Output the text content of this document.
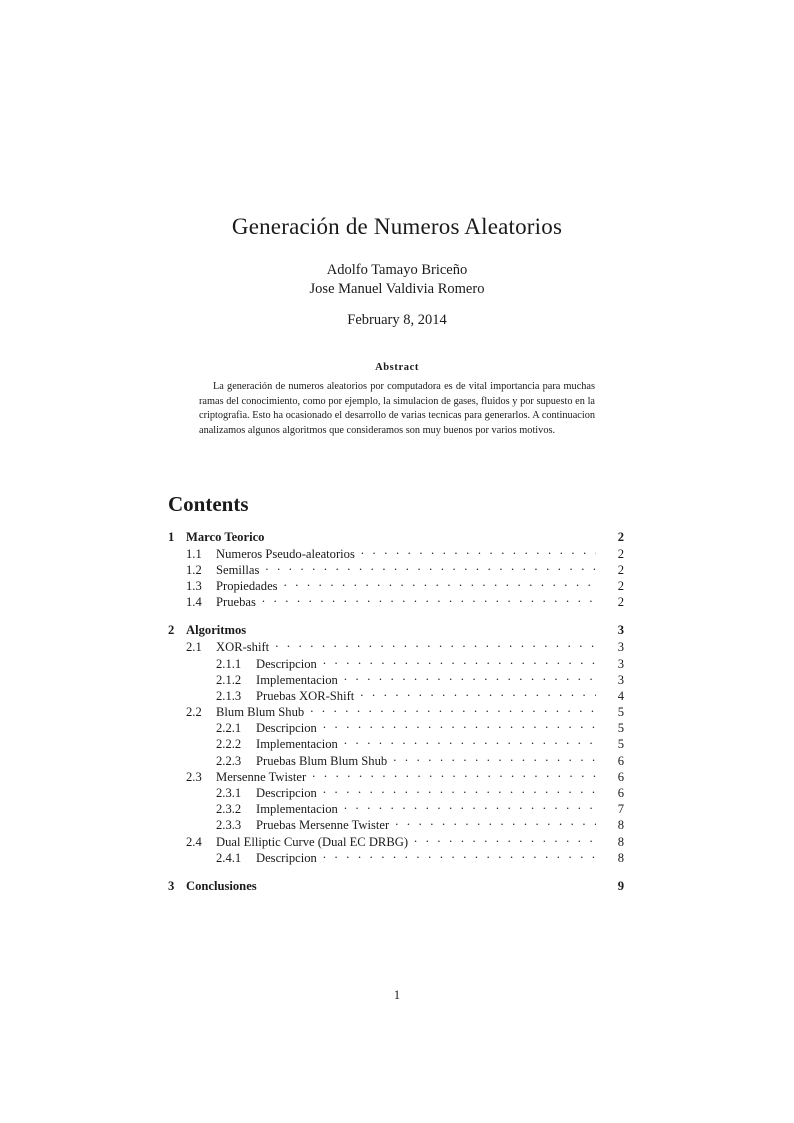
Generación de Numeros Aleatorios
Adolfo Tamayo Briceño
Jose Manuel Valdivia Romero
February 8, 2014
Abstract

La generación de numeros aleatorios por computadora es de vital importancia para muchas ramas del conocimiento, como por ejemplo, la simulacion de gases, fluidos y por supuesto en la criptografia. Esto ha ocasionado el desarrollo de varias tecnicas para generarlos. A continuacion analizamos algunos algoritmos que consideramos son muy buenos por varios motivos.

Contents
1 Marco Teorico	2
1.1	Numeros Pseudo-aleatorios . . .	2
1.2	Semillas . . .	2
1.3	Propiedades . . .	2
1.4	Pruebas . . .	2
2 Algoritmos	3
2.1	XOR-shift . . .	3
2.1.1	Descripcion . . .	3
2.1.2	Implementacion . . .	3
2.1.3	Pruebas XOR-Shift . . .	4
2.2	Blum Blum Shub . . .	5
2.2.1	Descripcion . . .	5
2.2.2	Implementacion . . .	5
2.2.3	Pruebas Blum Blum Shub . . .	6
2.3	Mersenne Twister . . .	6
2.3.1	Descripcion . . .	6
2.3.2	Implementacion . . .	7
2.3.3	Pruebas Mersenne Twister . . .	8
2.4	Dual Elliptic Curve (Dual EC DRBG) . . .	8
2.4.1	Descripcion . . .	8
3 Conclusiones	9
1
